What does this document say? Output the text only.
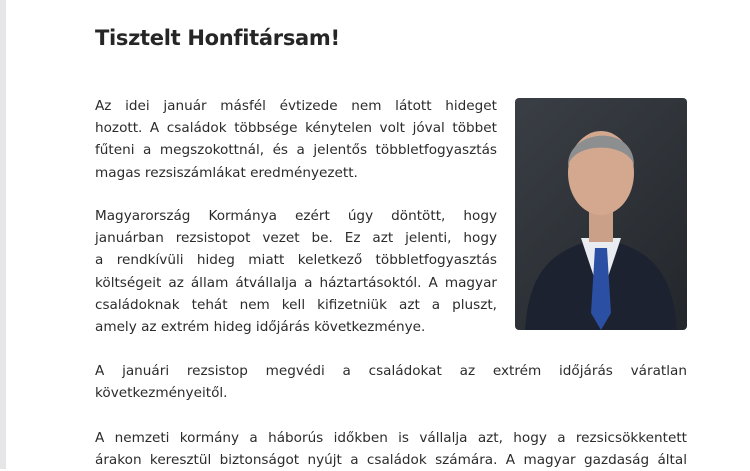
Tisztelt Honfitársam!
Az idei január másfél évtizede nem látott hideget
hozott. A családok többsége kénytelen volt jóval többet
fűteni a megszokottnál, és a jelentős többletfogyasztás
magas rezsiszámlákat eredményezett.
Magyarország Kormánya ezért úgy döntött, hogy
januárban rezsistopot vezet be. Ez azt jelenti, hogy
a rendkívüli hideg miatt keletkező többletfogyasztás
költségeit az állam átvállalja a háztartásoktól. A magyar
családoknak tehát nem kell kifizetniük azt a pluszt,
amely az extrém hideg időjárás következménye.
A januári rezsistop megvédi a családokat az extrém időjárás váratlan
következményeitől.
A nemzeti kormány a háborús időkben is vállalja azt, hogy a rezsicsökkentett
árakon keresztül biztonságot nyújt a családok számára. A magyar gazdaság által
